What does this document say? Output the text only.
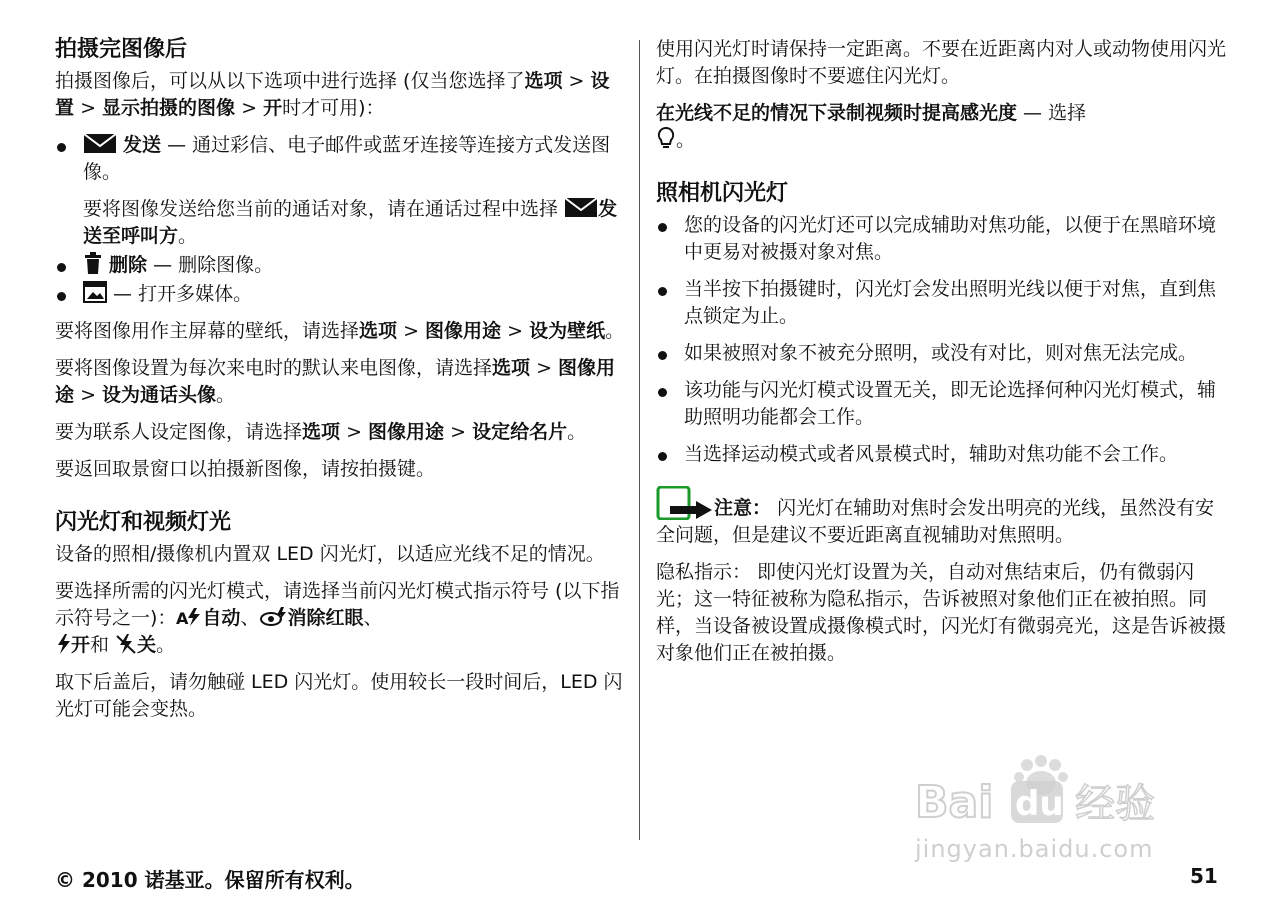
拍摄完图像后

拍摄图像后，可以从以下选项中进行选择 (仅当您选择了选项 > 设置 > 显示拍摄的图像 > 开时才可用)：

发送 — 通过彩信、电子邮件或蓝牙连接等连接方式发送图像。
要将图像发送给您当前的通话对象，请在通话过程中选择 发送至呼叫方。
删除 — 删除图像。
— 打开多媒体。

要将图像用作主屏幕的壁纸，请选择选项 > 图像用途 > 设为壁纸。

要将图像设置为每次来电时的默认来电图像，请选择选项 > 图像用途 > 设为通话头像。

要为联系人设定图像，请选择选项 > 图像用途 > 设定给名片。

要返回取景窗口以拍摄新图像，请按拍摄键。

闪光灯和视频灯光

设备的照相/摄像机内置双 LED 闪光灯，以适应光线不足的情况。

要选择所需的闪光灯模式，请选择当前闪光灯模式指示符号 (以下指示符号之一)： A 自动、 消除红眼、
开和 关。

取下后盖后，请勿触碰 LED 闪光灯。使用较长一段时间后，LED 闪光灯可能会变热。

使用闪光灯时请保持一定距离。不要在近距离内对人或动物使用闪光灯。在拍摄图像时不要遮住闪光灯。

在光线不足的情况下录制视频时提高感光度 — 选择
。

照相机闪光灯
您的设备的闪光灯还可以完成辅助对焦功能，以便于在黑暗环境中更易对被摄对象对焦。
当半按下拍摄键时，闪光灯会发出照明光线以便于对焦，直到焦点锁定为止。
如果被照对象不被充分照明，或没有对比，则对焦无法完成。
该功能与闪光灯模式设置无关，即无论选择何种闪光灯模式，辅助照明功能都会工作。
当选择运动模式或者风景模式时，辅助对焦功能不会工作。

注意： 闪光灯在辅助对焦时会发出明亮的光线，虽然没有安全问题，但是建议不要近距离直视辅助对焦照明。

隐私指示： 即使闪光灯设置为关，自动对焦结束后，仍有微弱闪光；这一特征被称为隐私指示，告诉被照对象他们正在被拍照。同样，当设备被设置成摄像模式时，闪光灯有微弱亮光，这是告诉被摄对象他们正在被拍摄。

Bai du 经验
jingyan.baidu.com
© 2010 诺基亚。保留所有权利。	51
